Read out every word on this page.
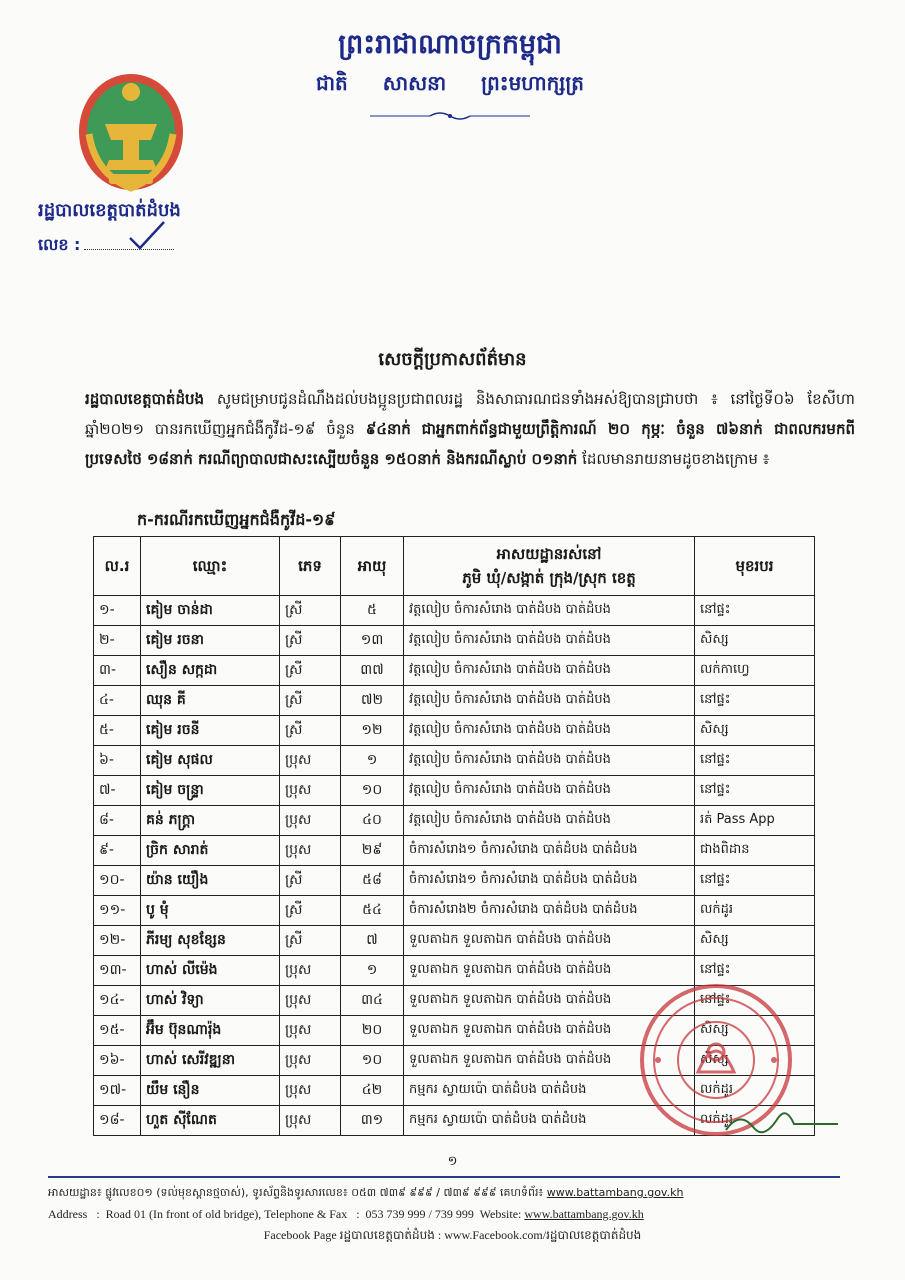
ព្រះរាជាណាចក្រកម្ពុជា
ជាតិ សាសនា ព្រះមហាក្សត្រ
រដ្ឋបាលខេត្តបាត់ដំបង
លេខ :
សេចក្តីប្រកាសព័ត៌មាន
រដ្ឋបាលខេត្តបាត់ដំបង សូមជម្រាបជូនដំណឹងដល់បងប្អូនប្រជាពលរដ្ឋ និងសាធារណជនទាំងអស់ឱ្យបានជ្រាបថា ៖ នៅថ្ងៃទី០៦ ខែសីហា ឆ្នាំ២០២១ បានរកឃើញអ្នកជំងឺកូវីដ-១៩ ចំនួន ៩៤នាក់ ជាអ្នកពាក់ព័ន្ធជាមួយព្រឹត្តិការណ៍ ២០ កុម្ភៈ ចំនួន ៧៦នាក់ ជាពលករមកពីប្រទេសថៃ ១៨នាក់ ករណីព្យាបាលជាសះស្បើយចំនួន ១៥០នាក់ និងករណីស្លាប់ ០១នាក់ ដែលមានរាយនាមដូចខាងក្រោម ៖
ក-ករណីរកឃើញអ្នកជំងឺកូវីដ-១៩
ល.រ	ឈ្មោះ	ភេទ	អាយុ	អាសយដ្ឋានរស់នៅ
ភូមិ ឃុំ/សង្កាត់ ក្រុង/ស្រុក ខេត្ត	មុខរបរ
១-	គៀម ចាន់ដា	ស្រី	៥	វត្តលៀប ចំការសំរោង បាត់ដំបង បាត់ដំបង	នៅផ្ទះ
២-	គៀម រចនា	ស្រី	១៣	វត្តលៀប ចំការសំរោង បាត់ដំបង បាត់ដំបង	សិស្ស
៣-	សឿន សក្កដា	ស្រី	៣៧	វត្តលៀប ចំការសំរោង បាត់ដំបង បាត់ដំបង	លក់កាហ្វេ
៤-	ឈុន គី	ស្រី	៧២	វត្តលៀប ចំការសំរោង បាត់ដំបង បាត់ដំបង	នៅផ្ទះ
៥-	គៀម រចនី	ស្រី	១២	វត្តលៀប ចំការសំរោង បាត់ដំបង បាត់ដំបង	សិស្ស
៦-	គៀម សុផល	ប្រុស	១	វត្តលៀប ចំការសំរោង បាត់ដំបង បាត់ដំបង	នៅផ្ទះ
៧-	គៀម ចន្ទ្រា	ប្រុស	១០	វត្តលៀប ចំការសំរោង បាត់ដំបង បាត់ដំបង	នៅផ្ទះ
៨-	គន់ ភក្ត្រា	ប្រុស	៤០	វត្តលៀប ចំការសំរោង បាត់ដំបង បាត់ដំបង	រត់ Pass App
៩-	ច្រិក សារាត់	ប្រុស	២៩	ចំការសំរោង១ ចំការសំរោង បាត់ដំបង បាត់ដំបង	ជាងពិដាន
១០-	យ៉ាន យឿង	ស្រី	៥៨	ចំការសំរោង១ ចំការសំរោង បាត់ដំបង បាត់ដំបង	នៅផ្ទះ
១១-	បូ មុំ	ស្រី	៥៤	ចំការសំរោង២ ចំការសំរោង បាត់ដំបង បាត់ដំបង	លក់ដូរ
១២-	ភីរម្យ សុខខ្សែន	ស្រី	៧	ទួលតាឯក ទួលតាឯក បាត់ដំបង បាត់ដំបង	សិស្ស
១៣-	ហាស់ លីម៉េង	ប្រុស	១	ទួលតាឯក ទួលតាឯក បាត់ដំបង បាត់ដំបង	នៅផ្ទះ
១៤-	ហាស់ វិទ្យា	ប្រុស	៣៤	ទួលតាឯក ទួលតាឯក បាត់ដំបង បាត់ដំបង	នៅផ្ទះ
១៥-	អ៊ឹម ប៊ុនណារ៉ុង	ប្រុស	២០	ទួលតាឯក ទួលតាឯក បាត់ដំបង បាត់ដំបង	សិស្ស
១៦-	ហាស់ សេរីវឌ្ឍនា	ប្រុស	១០	ទួលតាឯក ទួលតាឯក បាត់ដំបង បាត់ដំបង	សិស្ស
១៧-	យឹម នឿន	ប្រុស	៤២	កម្មករ ស្វាយប៉ោ បាត់ដំបង បាត់ដំបង	លក់ដូរ
១៨-	ហួត ស៊ីណែត	ប្រុស	៣១	កម្មករ ស្វាយប៉ោ បាត់ដំបង បាត់ដំបង	លក់ដូរ
១
អាសយដ្ឋាន៖ ផ្លូវលេខ០១ (ទល់មុខស្ពានថ្មចាស់), ទូរស័ព្ទនិងទូរសារលេខ៖ ០៥៣ ៧៣៩ ៩៩៩ / ៧៣៩ ៩៩៩ គេហទំព័រ៖ www.battambang.gov.kh
Address   :  Road 01 (In front of old bridge), Telephone & Fax   :  053 739 999 / 739 999  Website: www.battambang.gov.kh
Facebook Page រដ្ឋបាលខេត្តបាត់ដំបង : www.Facebook.com/រដ្ឋបាលខេត្តបាត់ដំបង
